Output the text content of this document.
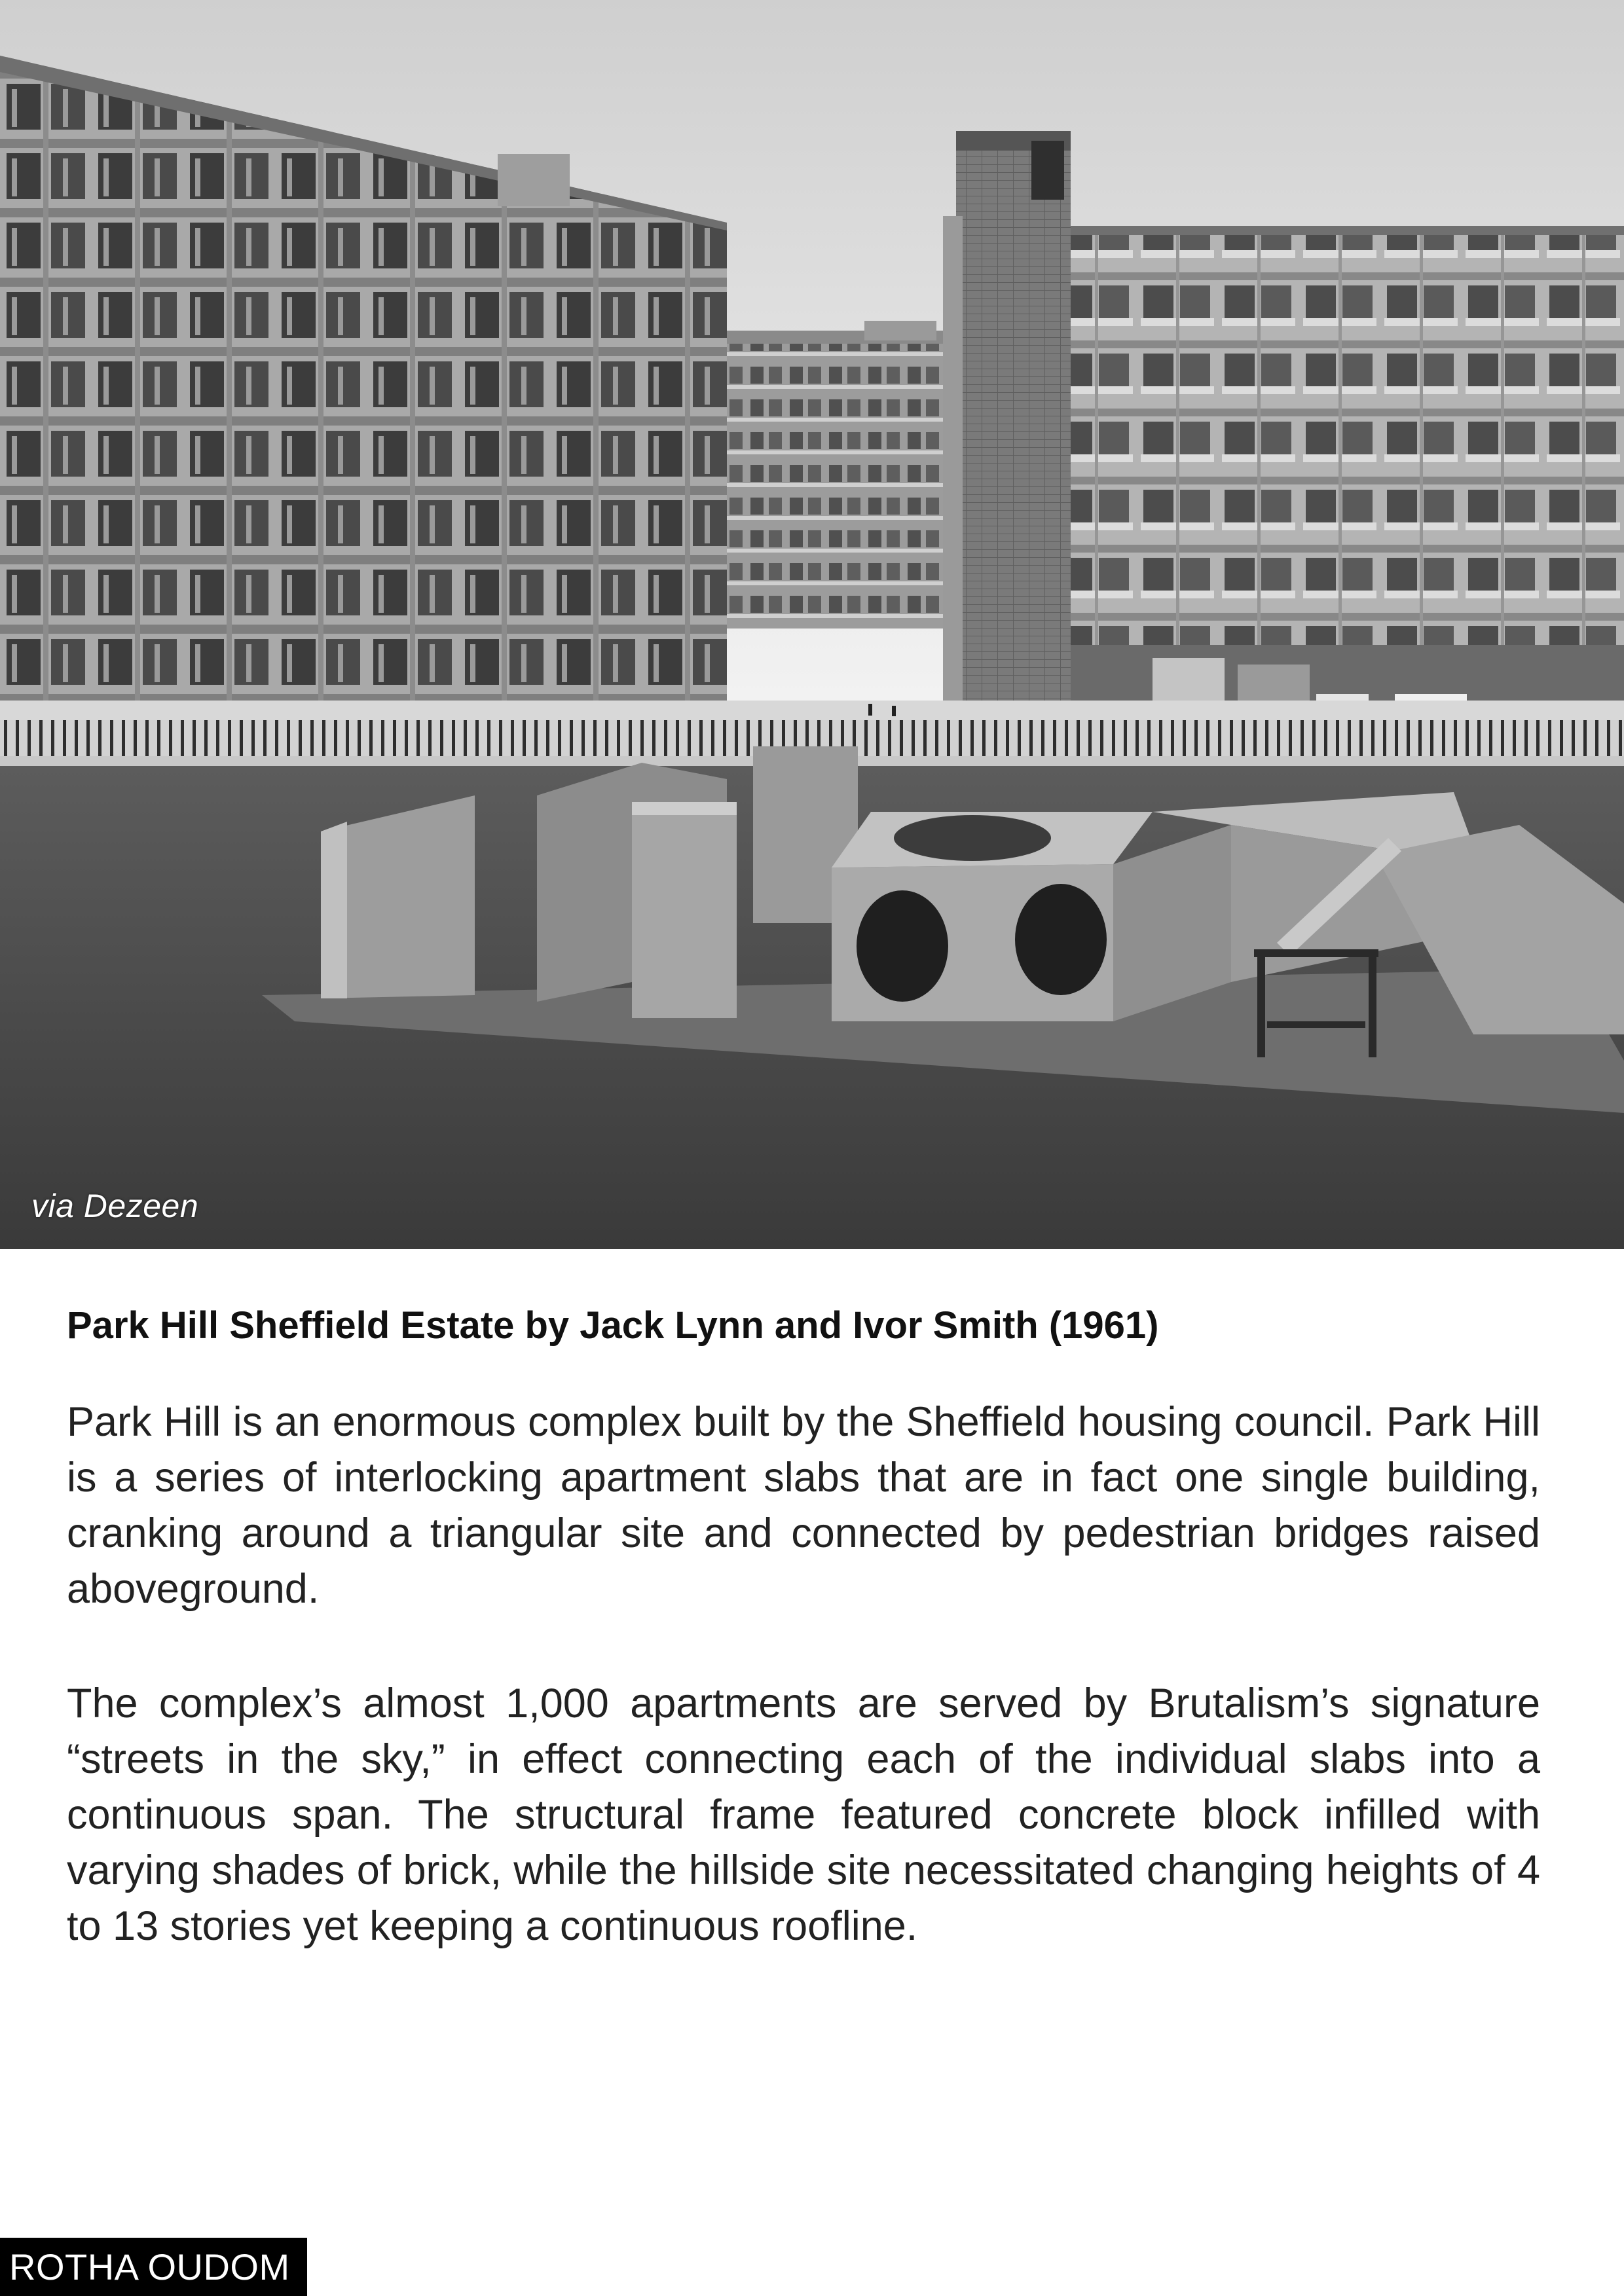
via Dezeen
Park Hill Sheffield Estate by Jack Lynn and Ivor Smith (1961)

Park Hill is an enormous complex built by the Sheffield housing council. Park Hill is a series of interlocking apartment slabs that are in fact one single building, cranking around a triangular site and connected by pedestrian bridges raised aboveground.

The complex’s almost 1,000 apartments are served by Brutalism’s signature “streets in the sky,” in effect connecting each of the individual slabs into a continuous span. The structural frame featured concrete block infilled with varying shades of brick, while the hillside site necessitated changing heights of 4 to 13 stories yet keeping a continuous roofline.

ROTHA OUDOM
